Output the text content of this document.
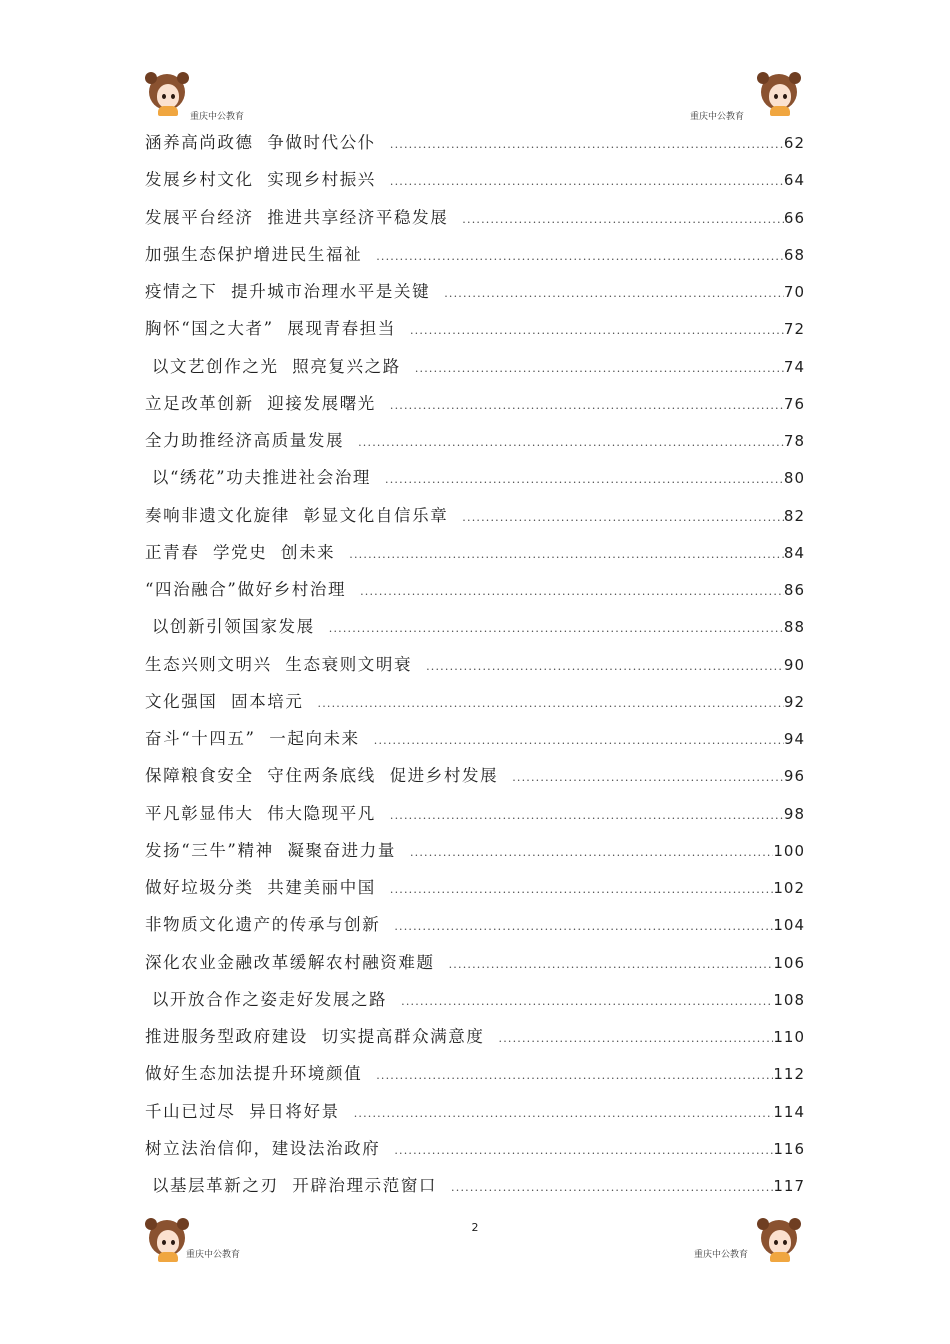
重庆中公教育	重庆中公教育
涵养高尚政德  争做时代公仆 .....	62
发展乡村文化  实现乡村振兴 .....	64
发展平台经济  推进共享经济平稳发展 .....	66
加强生态保护增进民生福祉 .....	68
疫情之下  提升城市治理水平是关键 .....	70
胸怀“国之大者”  展现青春担当 .....	72
以文艺创作之光  照亮复兴之路 .....	74
立足改革创新  迎接发展曙光 .....	76
全力助推经济高质量发展 .....	78
以“绣花”功夫推进社会治理 .....	80
奏响非遗文化旋律  彰显文化自信乐章 .....	82
正青春  学党史  创未来 .....	84
“四治融合”做好乡村治理 .....	86
以创新引领国家发展 .....	88
生态兴则文明兴  生态衰则文明衰 .....	90
文化强国  固本培元 .....	92
奋斗“十四五”  一起向未来 .....	94
保障粮食安全  守住两条底线  促进乡村发展 .....	96
平凡彰显伟大  伟大隐现平凡 .....	98
发扬“三牛”精神  凝聚奋进力量 .....	100
做好垃圾分类  共建美丽中国 .....	102
非物质文化遗产的传承与创新 .....	104
深化农业金融改革缓解农村融资难题 .....	106
以开放合作之姿走好发展之路 .....	108
推进服务型政府建设  切实提高群众满意度 .....	110
做好生态加法提升环境颜值 .....	112
千山已过尽  异日将好景 .....	114
树立法治信仰，建设法治政府 .....	116
以基层革新之刃  开辟治理示范窗口 .....	117
2
重庆中公教育	重庆中公教育
